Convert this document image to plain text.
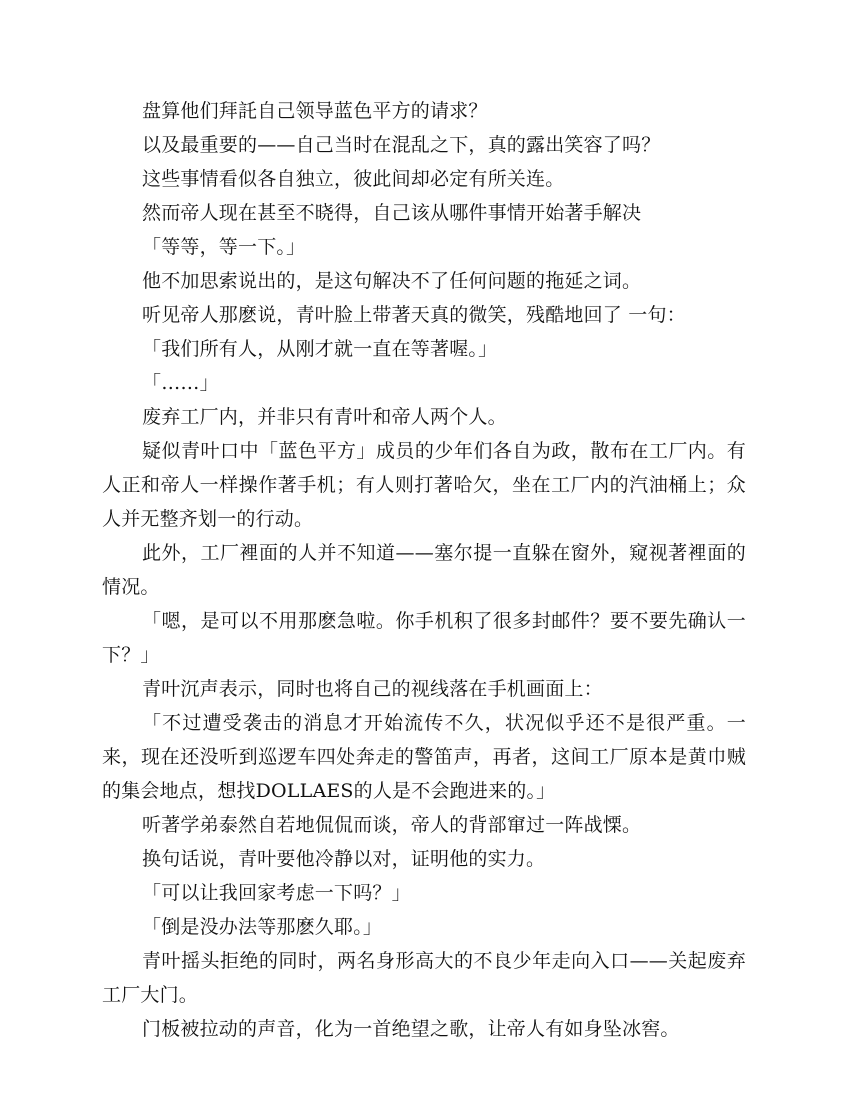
盘算他们拜託自己领导蓝色平方的请求？

以及最重要的——自己当时在混乱之下，真的露出笑容了吗？

这些事情看似各自独立，彼此间却必定有所关连。

然而帝人现在甚至不晓得，自己该从哪件事情开始著手解决

「等等，等一下。」

他不加思索说出的，是这句解决不了任何问题的拖延之词。

听见帝人那麽说，青叶脸上带著天真的微笑，残酷地回了 一句：

「我们所有人，从刚才就一直在等著喔。」

「……」

废弃工厂内，并非只有青叶和帝人两个人。

疑似青叶口中「蓝色平方」成员的少年们各自为政，散布在工厂内。有人正和帝人一样操作著手机；有人则打著哈欠，坐在工厂内的汽油桶上；众人并无整齐划一的行动。

此外，工厂裡面的人并不知道——塞尔提一直躲在窗外，窥视著裡面的情况。

「嗯，是可以不用那麽急啦。你手机积了很多封邮件？要不要先确认一下？」

青叶沉声表示，同时也将自己的视线落在手机画面上：

「不过遭受袭击的消息才开始流传不久，状况似乎还不是很严重。一来，现在还没听到巡逻车四处奔走的警笛声，再者，这间工厂原本是黄巾贼的集会地点，想找DOLLAES的人是不会跑进来的。」

听著学弟泰然自若地侃侃而谈，帝人的背部窜过一阵战慄。

换句话说，青叶要他冷静以对，证明他的实力。

「可以让我回家考虑一下吗？」

「倒是没办法等那麽久耶。」

青叶摇头拒绝的同时，两名身形高大的不良少年走向入口——关起废弃工厂大门。

门板被拉动的声音，化为一首绝望之歌，让帝人有如身坠冰窖。
